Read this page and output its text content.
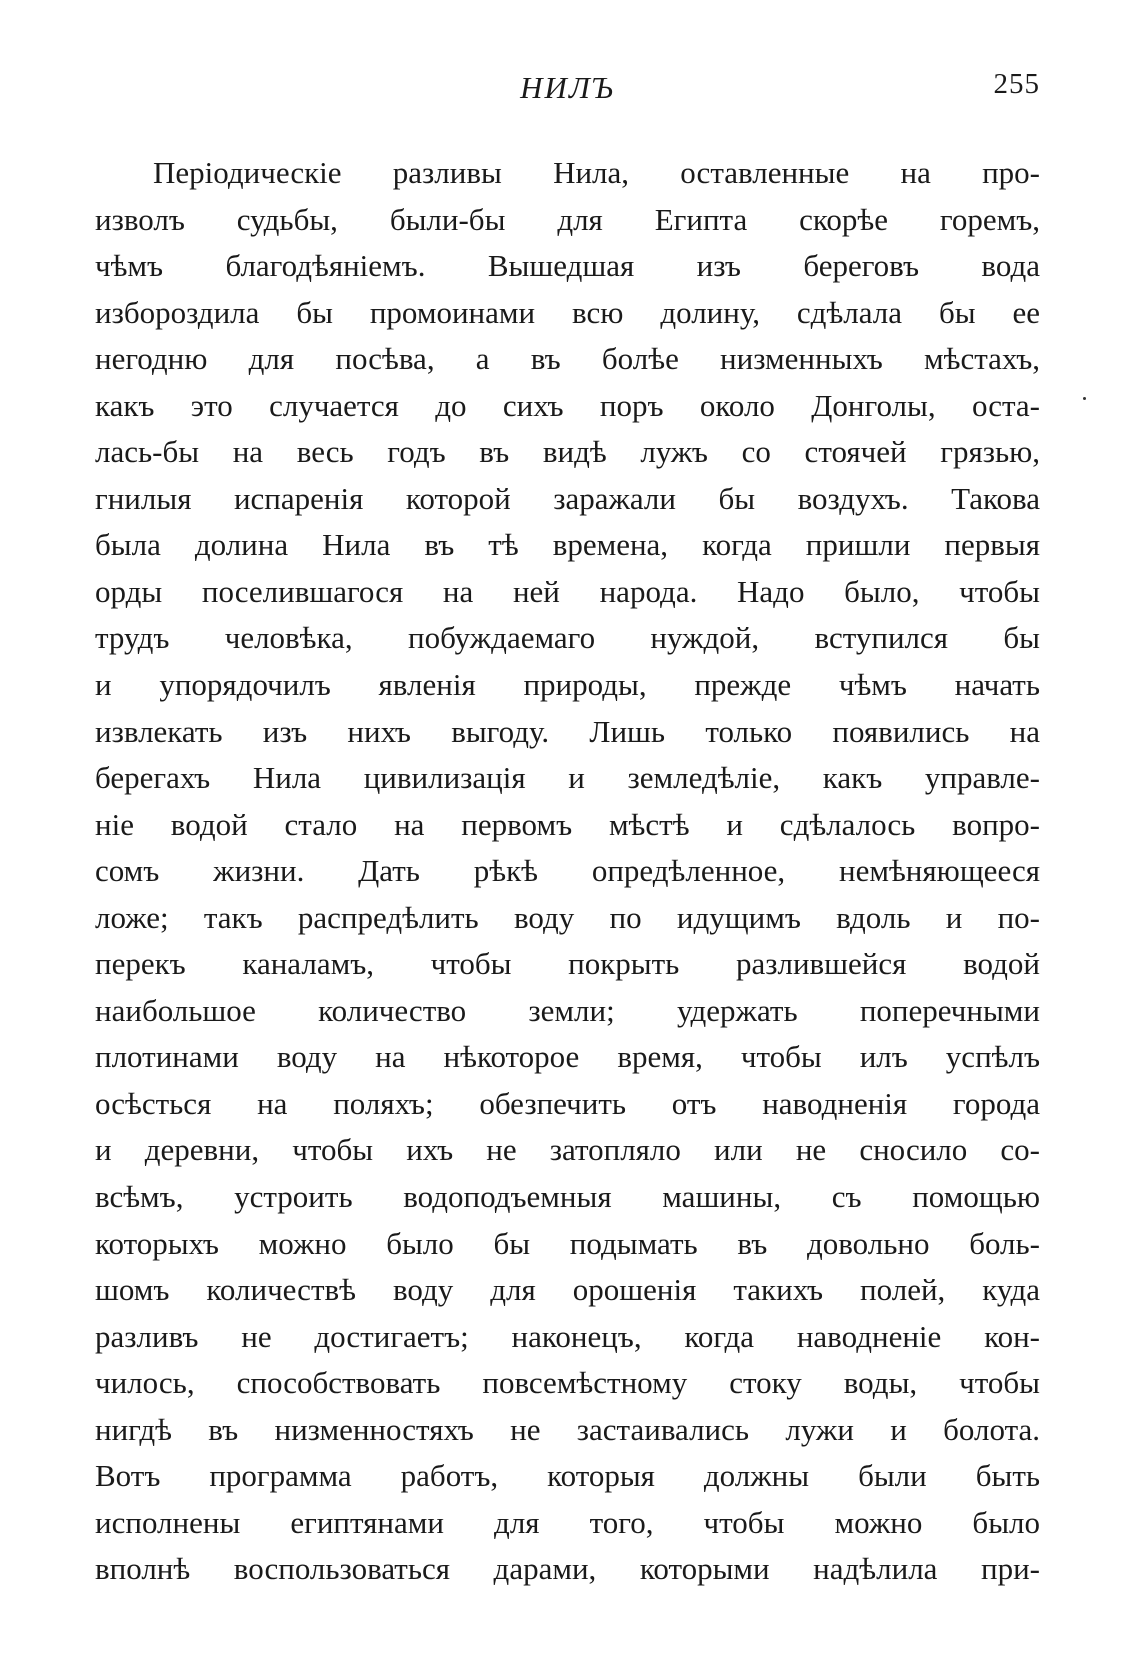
НИЛЪ	255
Періодическіе разливы Нила, оставленные на про-
изволъ судьбы, были-бы для Египта скорѣе горемъ,
чѣмъ благодѣяніемъ. Вышедшая изъ береговъ вода
избороздила бы промоинами всю долину, сдѣлала бы ее
негодню для посѣва, а въ болѣе низменныхъ мѣстахъ,
какъ это случается до сихъ поръ около Донголы, оста-
лась-бы на весь годъ въ видѣ лужъ со стоячей грязью,
гнилыя испаренія которой заражали бы воздухъ. Такова
была долина Нила въ тѣ времена, когда пришли первыя
орды поселившагося на ней народа. Надо было, чтобы
трудъ человѣка, побуждаемаго нуждой, вступился бы
и упорядочилъ явленія природы, прежде чѣмъ начать
извлекать изъ нихъ выгоду. Лишь только появились на
берегахъ Нила цивилизація и земледѣліе, какъ управле-
ніе водой стало на первомъ мѣстѣ и сдѣлалось вопро-
сомъ жизни. Дать рѣкѣ опредѣленное, немѣняющееся
ложе; такъ распредѣлить воду по идущимъ вдоль и по-
перекъ каналамъ, чтобы покрыть разлившейся водой
наибольшое количество земли; удержать поперечными
плотинами воду на нѣкоторое время, чтобы илъ успѣлъ
осѣсться на поляхъ; обезпечить отъ наводненія города
и деревни, чтобы ихъ не затопляло или не сносило со-
всѣмъ, устроить водоподъемныя машины, съ помощью
которыхъ можно было бы подымать въ довольно боль-
шомъ количествѣ воду для орошенія такихъ полей, куда
разливъ не достигаетъ; наконецъ, когда наводненіе кон-
чилось, способствовать повсемѣстному стоку воды, чтобы
нигдѣ въ низменностяхъ не застаивались лужи и болота.
Вотъ программа работъ, которыя должны были быть
исполнены египтянами для того, чтобы можно было
вполнѣ воспользоваться дарами, которыми надѣлила при-
